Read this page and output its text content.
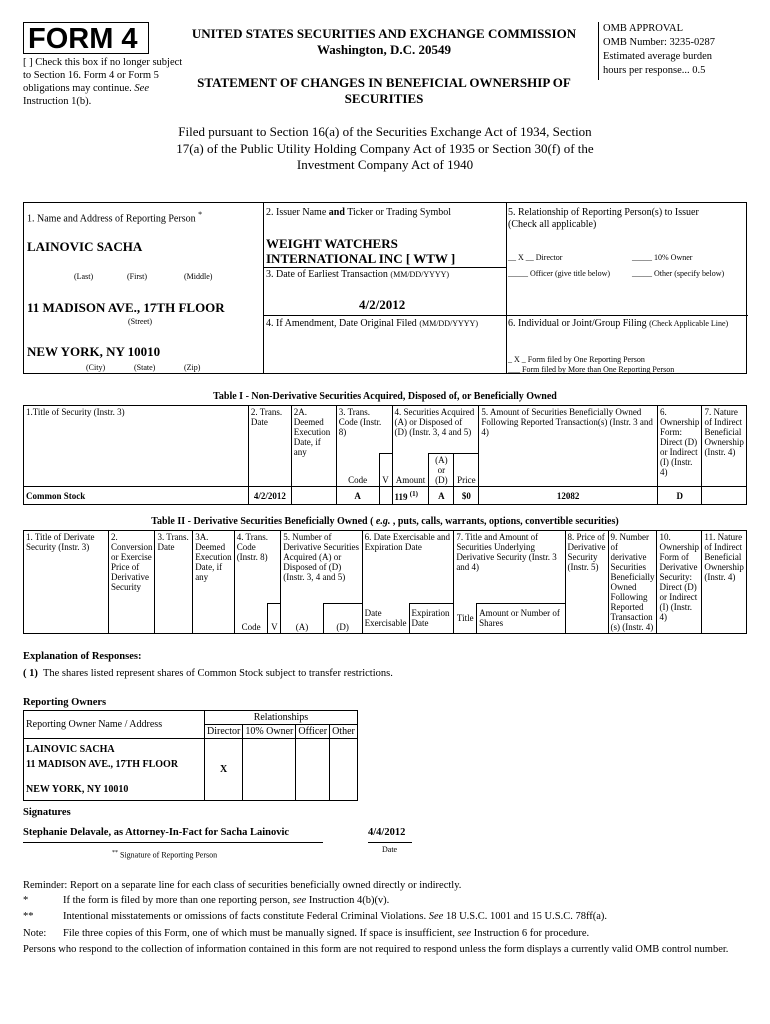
FORM 4
[ ] Check this box if no longer subject to Section 16. Form 4 or Form 5 obligations may continue. See Instruction 1(b).
UNITED STATES SECURITIES AND EXCHANGE COMMISSION
Washington, D.C. 20549
STATEMENT OF CHANGES IN BENEFICIAL OWNERSHIP OF SECURITIES
OMB APPROVAL
OMB Number: 3235-0287
Estimated average burden
hours per response... 0.5
Filed pursuant to Section 16(a) of the Securities Exchange Act of 1934, Section 17(a) of the Public Utility Holding Company Act of 1935 or Section 30(f) of the Investment Company Act of 1940
1. Name and Address of Reporting Person *
LAINOVIC SACHA
(Last)	(First)	(Middle)
11 MADISON AVE., 17TH FLOOR
(Street)
NEW YORK, NY 10010
(City)	(State)	(Zip)
2. Issuer Name and Ticker or Trading Symbol
WEIGHT WATCHERS
INTERNATIONAL INC [ WTW ]
3. Date of Earliest Transaction (MM/DD/YYYY)
4/2/2012
4. If Amendment, Date Original Filed (MM/DD/YYYY)
5. Relationship of Reporting Person(s) to Issuer
(Check all applicable)
__ X __ Director	_____ 10% Owner
_____ Officer (give title below)	_____ Other (specify below)
6. Individual or Joint/Group Filing (Check Applicable Line)
_ X _ Form filed by One Reporting Person
___ Form filed by More than One Reporting Person
Table I - Non-Derivative Securities Acquired, Disposed of, or Beneficially Owned
1.Title of Security (Instr. 3)	2. Trans. Date	2A. Deemed Execution Date, if any	3. Trans. Code (Instr. 8)		4. Securities Acquired (A) or Disposed of (D) (Instr. 3, 4 and 5)			5. Amount of Securities Beneficially Owned Following Reported Transaction(s) (Instr. 3 and 4)	6. Ownership Form: Direct (D) or Indirect (I) (Instr. 4)	7. Nature of Indirect Beneficial Ownership (Instr. 4)
			Code	V	Amount	(A) or (D)	Price			
Common Stock	4/2/2012		A		119 $^{(1)}$	A	$0	12082	D	

Table II - Derivative Securities Beneficially Owned ( e.g. , puts, calls, warrants, options, convertible securities)
1. Title of Derivate Security (Instr. 3)	2. Conversion or Exercise Price of Derivative Security	3. Trans. Date	3A. Deemed Execution Date, if any	4. Trans. Code (Instr. 8)		5. Number of Derivative Securities Acquired (A) or Disposed of (D) (Instr. 3, 4 and 5)		6. Date Exercisable and Expiration Date		7. Title and Amount of Securities Underlying Derivative Security (Instr. 3 and 4)		8. Price of Derivative Security (Instr. 5)	9. Number of derivative Securities Beneficially Owned Following Reported Transaction (s) (Instr. 4)	10. Ownership Form of Derivative Security: Direct (D) or Indirect (I) (Instr. 4)	11. Nature of Indirect Beneficial Ownership (Instr. 4)
				Code	V	(A)	(D)	Date Exercisable	Expiration Date	Title	Amount or Number of Shares				
Explanation of Responses:
( 1) The shares listed represent shares of Common Stock subject to transfer restrictions.
Reporting Owners
Reporting Owner Name / Address	Relationships			
	Director	10% Owner	Officer	Other

LAINOVIC SACHA
11 MADISON AVE., 17TH FLOOR
NEW YORK, NY 10010	X			
Signatures
Stephanie Delavale, as Attorney-In-Fact for Sacha Lainovic	4/4/2012
** Signature of Reporting Person
Date
Reminder: Report on a separate line for each class of securities beneficially owned directly or indirectly.
*	If the form is filed by more than one reporting person, see Instruction 4(b)(v).
**	Intentional misstatements or omissions of facts constitute Federal Criminal Violations. See 18 U.S.C. 1001 and 15 U.S.C. 78ff(a).
Note: File three copies of this Form, one of which must be manually signed. If space is insufficient, see Instruction 6 for procedure.
Persons who respond to the collection of information contained in this form are not required to respond unless the form displays a currently valid OMB control number.
